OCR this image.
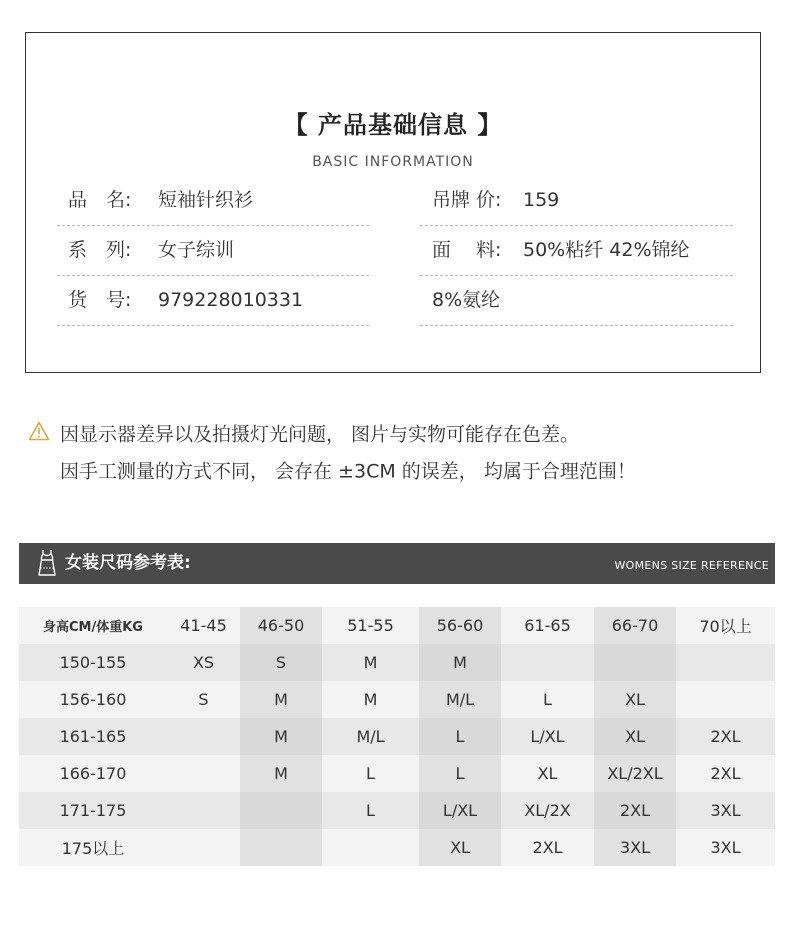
【 产品基础信息 】
BASIC INFORMATION
品　名: 短袖针织衫	吊牌 价: 159
系　列: 女子综训	面　 料: 50%粘纤 42%锦纶
货　号: 979228010331	8%氨纶
因显示器差异以及拍摄灯光问题， 图片与实物可能存在色差。
因手工测量的方式不同， 会存在 ±3CM 的误差， 均属于合理范围！
女装尺码参考表:	WOMENS SIZE REFERENCE
身高CM/体重KG	41-45	46-50	51-55	56-60	61-65	66-70	70以上
150-155	XS	S	M	M			
156-160	S	M	M	M/L	L	XL	
161-165		M	M/L	L	L/XL	XL	2XL
166-170		M	L	L	XL	XL/2XL	2XL
171-175			L	L/XL	XL/2X	2XL	3XL
175以上				XL	2XL	3XL	3XL
